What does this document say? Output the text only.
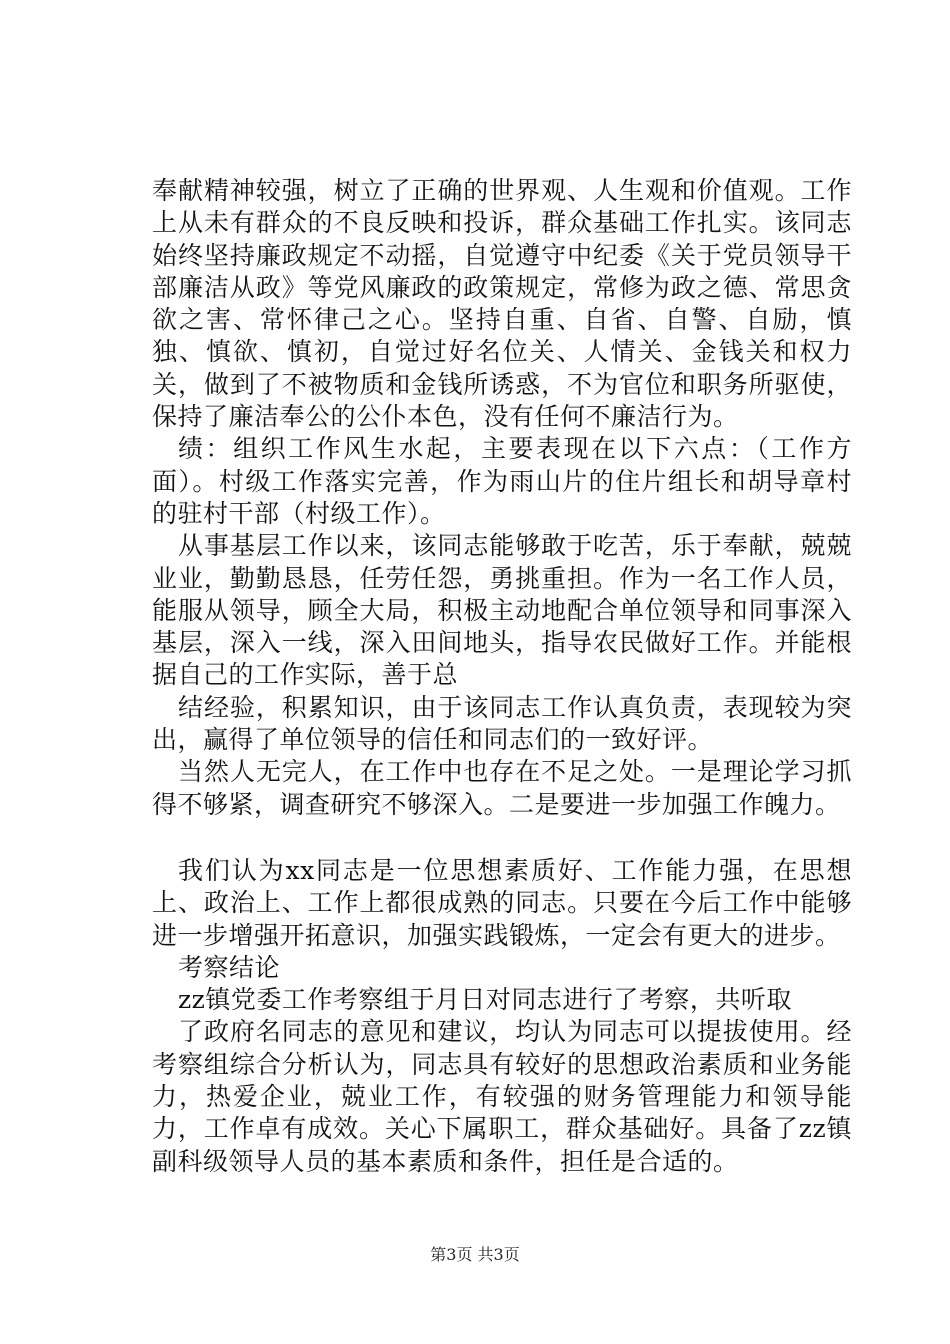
奉献精神较强，树立了正确的世界观、人生观和价值观。工作上从未有群众的不良反映和投诉，群众基础工作扎实。该同志始终坚持廉政规定不动摇，自觉遵守中纪委《关于党员领导干部廉洁从政》等党风廉政的政策规定，常修为政之德、常思贪欲之害、常怀律己之心。坚持自重、自省、自警、自励，慎独、慎欲、慎初，自觉过好名位关、人情关、金钱关和权力关，做到了不被物质和金钱所诱惑，不为官位和职务所驱使，保持了廉洁奉公的公仆本色，没有任何不廉洁行为。

绩：组织工作风生水起，主要表现在以下六点：（工作方面）。村级工作落实完善，作为雨山片的住片组长和胡导章村的驻村干部（村级工作）。

从事基层工作以来，该同志能够敢于吃苦，乐于奉献，兢兢业业，勤勤恳恳，任劳任怨，勇挑重担。作为一名工作人员，能服从领导，顾全大局，积极主动地配合单位领导和同事深入基层，深入一线，深入田间地头，指导农民做好工作。并能根据自己的工作实际，善于总

结经验，积累知识，由于该同志工作认真负责，表现较为突出，赢得了单位领导的信任和同志们的一致好评。

当然人无完人，在工作中也存在不足之处。一是理论学习抓得不够紧，调查研究不够深入。二是要进一步加强工作魄力。

我们认为xx同志是一位思想素质好、工作能力强，在思想上、政治上、工作上都很成熟的同志。只要在今后工作中能够进一步增强开拓意识，加强实践锻炼，一定会有更大的进步。

考察结论

zz镇党委工作考察组于月日对同志进行了考察，共听取

了政府名同志的意见和建议，均认为同志可以提拔使用。经考察组综合分析认为，同志具有较好的思想政治素质和业务能力，热爱企业，兢业工作，有较强的财务管理能力和领导能力，工作卓有成效。关心下属职工，群众基础好。具备了zz镇副科级领导人员的基本素质和条件，担任是合适的。

第3页 共3页
